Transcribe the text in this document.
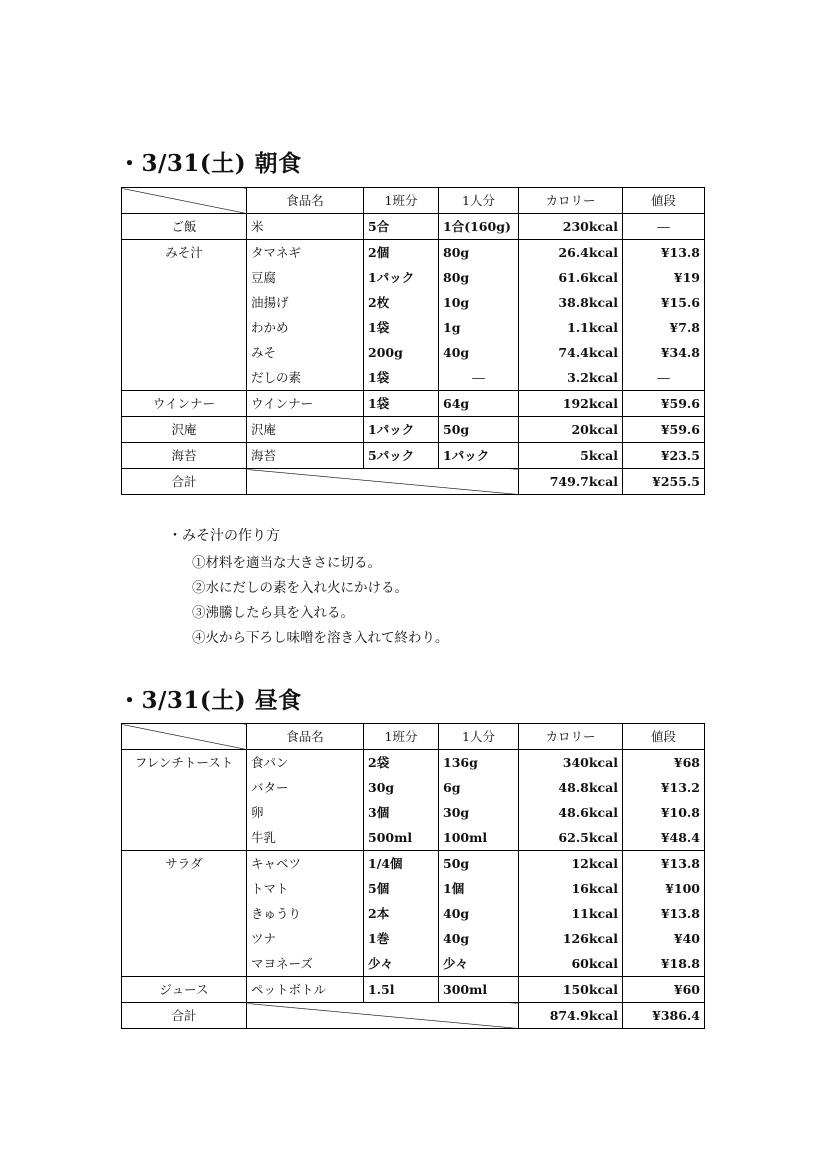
・3/31(土) 朝食
	食品名	1班分	1人分	カロリー	値段
ご飯	米	5合	1合(160g)	230kcal	―
みそ汁	タマネギ	2個	80g	26.4kcal	¥13.8
	豆腐	1パック	80g	61.6kcal	¥19
	油揚げ	2枚	10g	38.8kcal	¥15.6
	わかめ	1袋	1g	1.1kcal	¥7.8
	みそ	200g	40g	74.4kcal	¥34.8
	だしの素	1袋	―	3.2kcal	―
ウインナー	ウインナー	1袋	64g	192kcal	¥59.6
沢庵	沢庵	1パック	50g	20kcal	¥59.6
海苔	海苔	5パック	1パック	5kcal	¥23.5
合計				749.7kcal	¥255.5

・みそ汁の作り方

①材料を適当な大きさに切る。

②水にだしの素を入れ火にかける。

③沸騰したら具を入れる。

④火から下ろし味噌を溶き入れて終わり。

・3/31(土) 昼食
	食品名	1班分	1人分	カロリー	値段
フレンチトースト	食パン	2袋	136g	340kcal	¥68
	バター	30g	6g	48.8kcal	¥13.2
	卵	3個	30g	48.6kcal	¥10.8
	牛乳	500ml	100ml	62.5kcal	¥48.4
サラダ	キャベツ	1/4個	50g	12kcal	¥13.8
	トマト	5個	1個	16kcal	¥100
	きゅうり	2本	40g	11kcal	¥13.8
	ツナ	1巻	40g	126kcal	¥40
	マヨネーズ	少々	少々	60kcal	¥18.8
ジュース	ペットボトル	1.5l	300ml	150kcal	¥60
合計				874.9kcal	¥386.4
